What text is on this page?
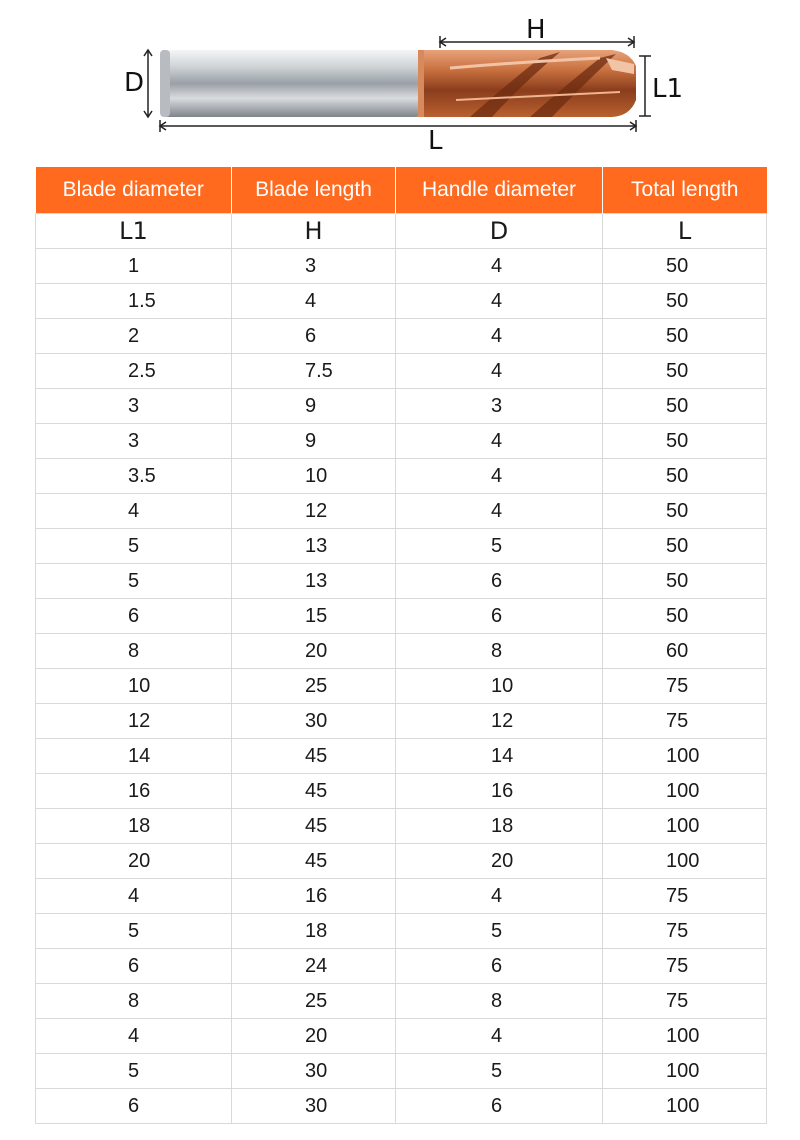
D
H
L1
L
Blade diameter	Blade length	Handle diameter	Total length
L1	H	D	L
1	3	4	50
1.5	4	4	50
2	6	4	50
2.5	7.5	4	50
3	9	3	50
3	9	4	50
3.5	10	4	50
4	12	4	50
5	13	5	50
5	13	6	50
6	15	6	50
8	20	8	60
10	25	10	75
12	30	12	75
14	45	14	100
16	45	16	100
18	45	18	100
20	45	20	100
4	16	4	75
5	18	5	75
6	24	6	75
8	25	8	75
4	20	4	100
5	30	5	100
6	30	6	100
